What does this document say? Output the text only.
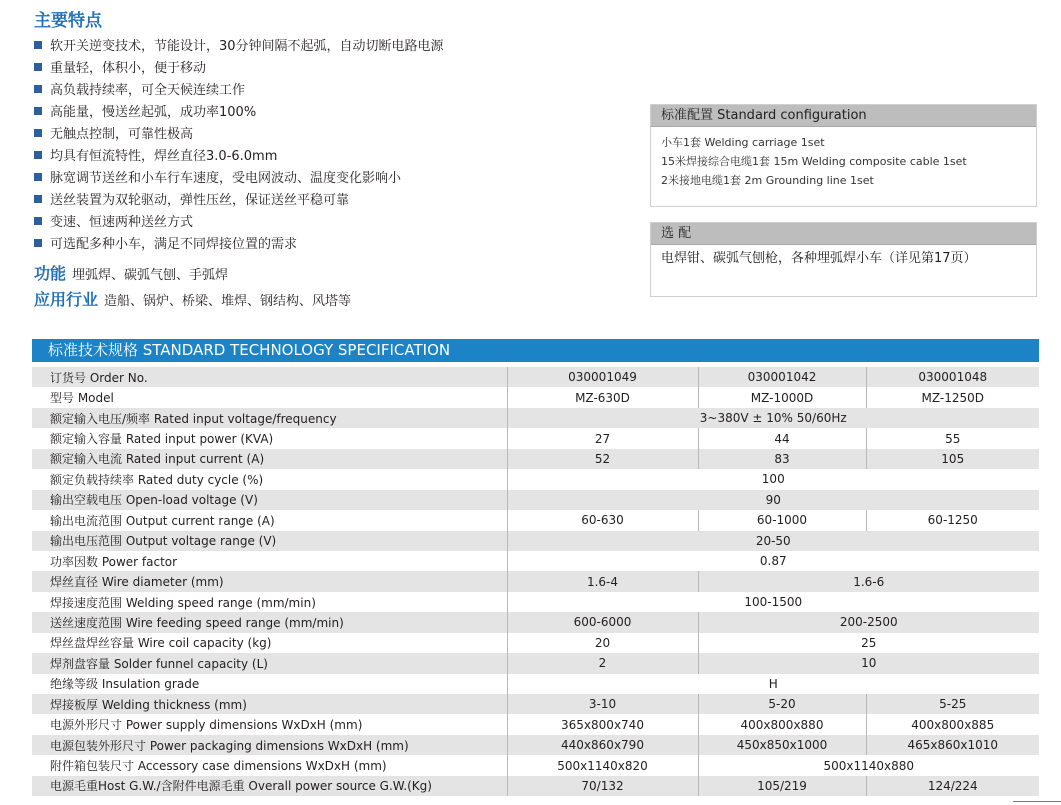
主要特点
软开关逆变技术，节能设计，30分钟间隔不起弧，自动切断电路电源
重量轻，体积小，便于移动
高负载持续率，可全天候连续工作
高能量，慢送丝起弧，成功率100%
无触点控制，可靠性极高
均具有恒流特性，焊丝直径3.0-6.0mm
脉宽调节送丝和小车行车速度，受电网波动、温度变化影响小
送丝装置为双轮驱动，弹性压丝，保证送丝平稳可靠
变速、恒速两种送丝方式
可选配多种小车，满足不同焊接位置的需求
功能 埋弧焊、碳弧气刨、手弧焊
应用行业 造船、锅炉、桥梁、堆焊、钢结构、风塔等
标准配置 Standard configuration
小车1套 Welding carriage 1set
15米焊接综合电缆1套 15m Welding composite cable 1set
2米接地电缆1套 2m Grounding line 1set
选 配
电焊钳、碳弧气刨枪，各种埋弧焊小车（详见第17页）
标准技术规格 STANDARD TECHNOLOGY SPECIFICATION
订货号 Order No.	030001049	030001042	030001048
型号 Model	MZ-630D	MZ-1000D	MZ-1250D
额定输入电压/频率 Rated input voltage/frequency	3~380V ± 10% 50/60Hz		
额定输入容量 Rated input power (KVA)	27	44	55
额定输入电流 Rated input current (A)	52	83	105
额定负载持续率 Rated duty cycle (%)	100		
输出空载电压 Open-load voltage (V)	90		
输出电流范围 Output current range (A)	60-630	60-1000	60-1250
输出电压范围 Output voltage range (V)	20-50		
功率因数 Power factor	0.87		
焊丝直径 Wire diameter (mm)	1.6-4	1.6-6	
焊接速度范围 Welding speed range (mm/min)	100-1500		
送丝速度范围 Wire feeding speed range (mm/min)	600-6000	200-2500	
焊丝盘焊丝容量 Wire coil capacity (kg)	20	25	
焊剂盘容量 Solder funnel capacity (L)	2	10	
绝缘等级 Insulation grade	H		
焊接板厚 Welding thickness (mm)	3-10	5-20	5-25
电源外形尺寸 Power supply dimensions WxDxH (mm)	365x800x740	400x800x880	400x800x885
电源包装外形尺寸 Power packaging dimensions WxDxH (mm)	440x860x790	450x850x1000	465x860x1010
附件箱包装尺寸 Accessory case dimensions WxDxH (mm)	500x1140x820	500x1140x880	
电源毛重Host G.W./含附件电源毛重 Overall power source G.W.(Kg)	70/132	105/219	124/224
